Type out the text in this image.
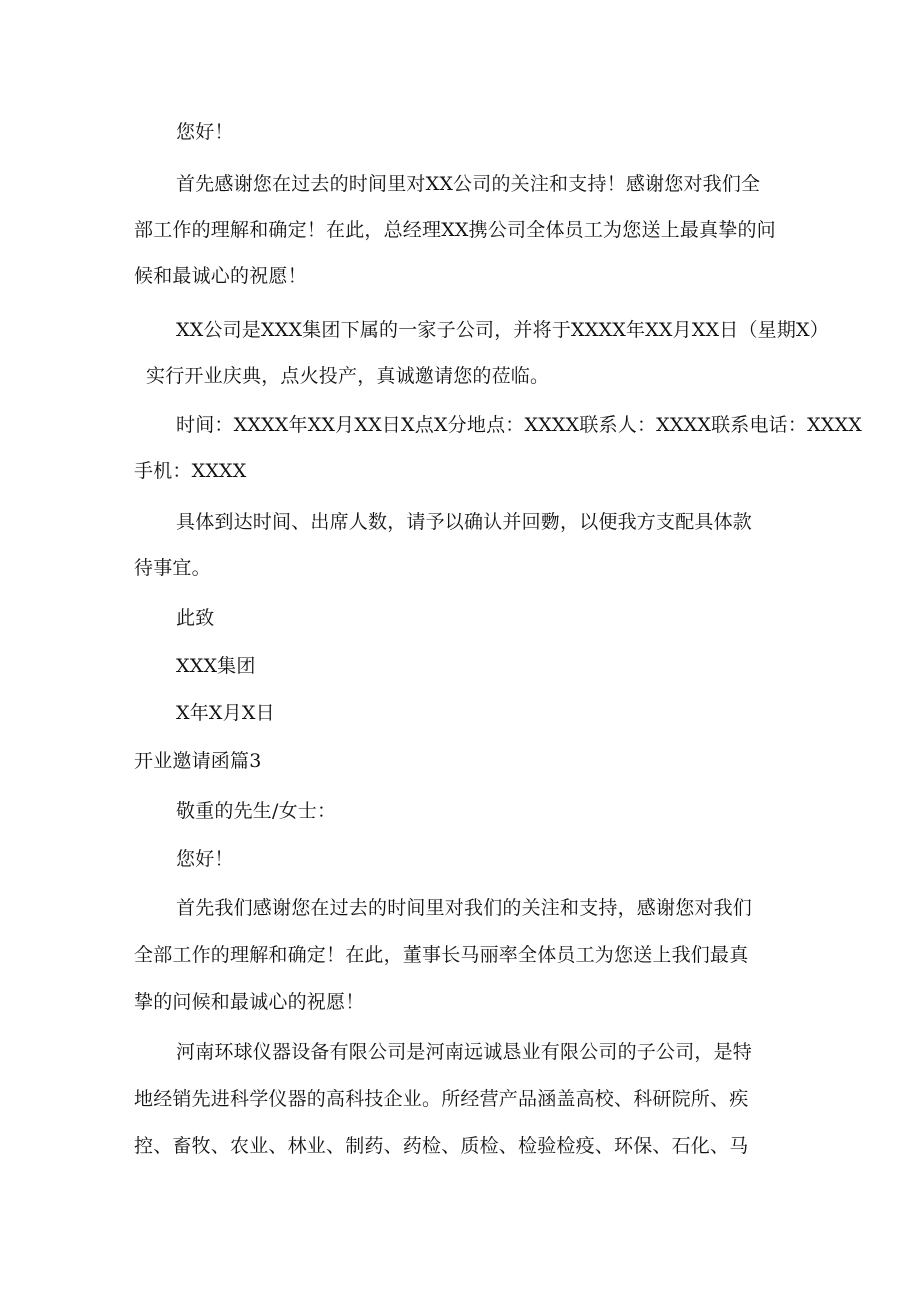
您好！
首先感谢您在过去的时间里对XX公司的关注和支持！感谢您对我们全
部工作的理解和确定！在此，总经理XX携公司全体员工为您送上最真挚的问
候和最诚心的祝愿！
XX公司是XXX集团下属的一家子公司，并将于XXXX年XX月XX日（星期X）
实行开业庆典，点火投产，真诚邀请您的莅临。
时间：XXXX年XX月XX日X点X分地点：XXXX联系人：XXXX联系电话：XXXX
手机：XXXX
具体到达时间、出席人数，请予以确认并回覅，以便我方支配具体款
待事宜。
此致
XXX集团
X年X月X日
开业邀请函篇3
敬重的先生/女士：
您好！
首先我们感谢您在过去的时间里对我们的关注和支持，感谢您对我们
全部工作的理解和确定！在此，董事长马丽率全体员工为您送上我们最真
挚的问候和最诚心的祝愿！
河南环球仪器设备有限公司是河南远诚恳业有限公司的子公司，是特
地经销先进科学仪器的高科技企业。所经营产品涵盖高校、科研院所、疾
控、畜牧、农业、林业、制药、药检、质检、检验检疫、环保、石化、马
